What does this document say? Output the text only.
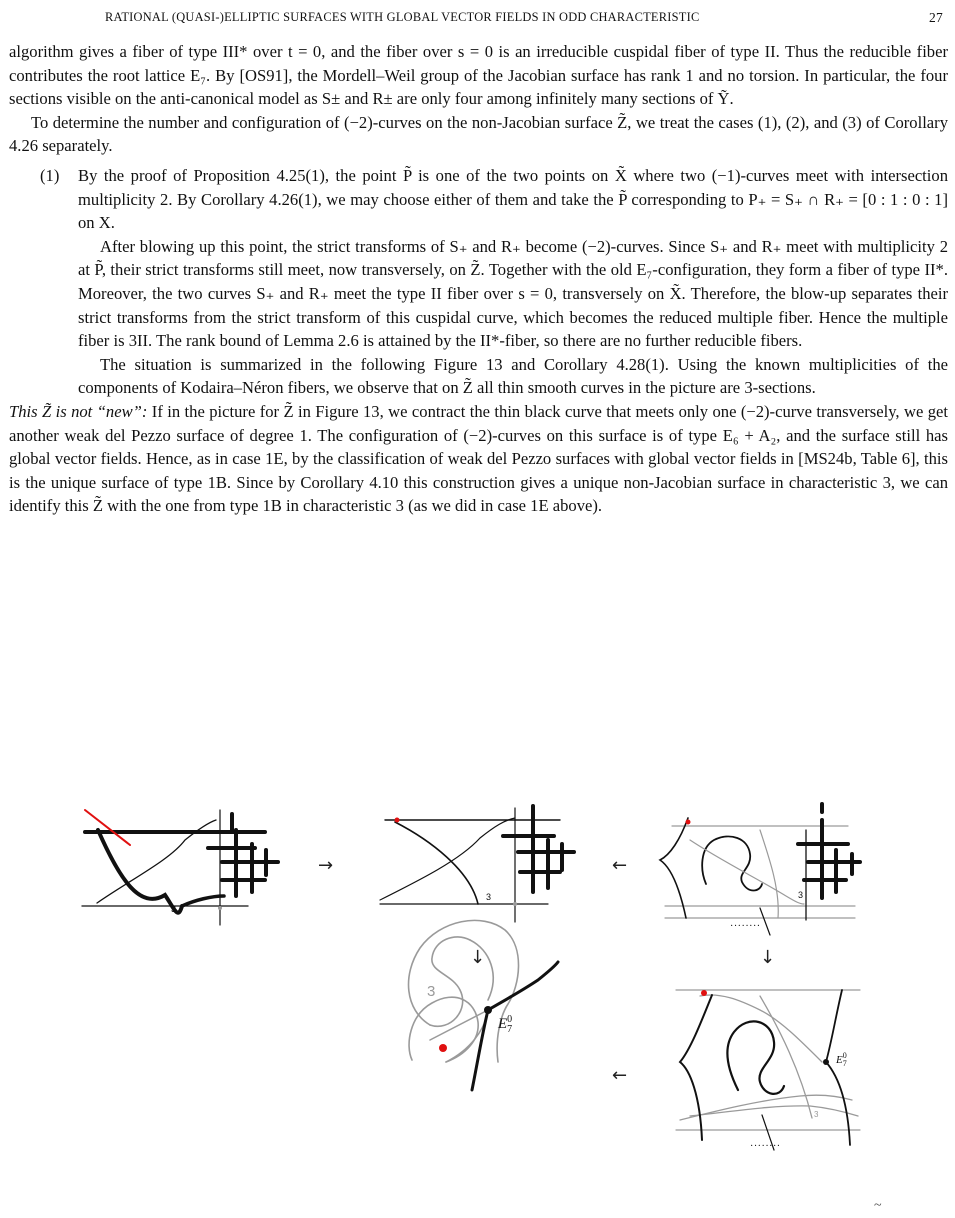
RATIONAL (QUASI-)ELLIPTIC SURFACES WITH GLOBAL VECTOR FIELDS IN ODD CHARACTERISTIC	27

algorithm gives a fiber of type III* over t = 0, and the fiber over s = 0 is an irreducible cuspidal fiber of type II. Thus the reducible fiber contributes the root lattice E₇. By [OS91], the Mordell–Weil group of the Jacobian surface has rank 1 and no torsion. In particular, the four sections visible on the anti-canonical model as S± and R± are only four among infinitely many sections of Ỹ.

To determine the number and configuration of (−2)-curves on the non-Jacobian surface Z̃, we treat the cases (1), (2), and (3) of Corollary 4.26 separately.

(1) By the proof of Proposition 4.25(1), the point P̃ is one of the two points on X̃ where two (−1)-curves meet with intersection multiplicity 2. By Corollary 4.26(1), we may choose either of them and take the P̃ corresponding to P₊ = S₊ ∩ R₊ = [0 : 1 : 0 : 1] on X.

After blowing up this point, the strict transforms of S₊ and R₊ become (−2)-curves. Since S₊ and R₊ meet with multiplicity 2 at P̃, their strict transforms still meet, now transversely, on Z̃. Together with the old E₇-configuration, they form a fiber of type II*. Moreover, the two curves S₊ and R₊ meet the type II fiber over s = 0, transversely on X̃. Therefore, the blow-up separates their strict transforms from the strict transform of this cuspidal curve, which becomes the reduced multiple fiber. Hence the multiple fiber is 3II. The rank bound of Lemma 2.6 is attained by the II*-fiber, so there are no further reducible fibers.

The situation is summarized in the following Figure 13 and Corollary 4.28(1). Using the known multiplicities of the components of Kodaira–Néron fibers, we observe that on Z̃ all thin smooth curves in the picture are 3-sections.

This Z̃ is not “new”: If in the picture for Z̃ in Figure 13, we contract the thin black curve that meets only one (−2)-curve transversely, we get another weak del Pezzo surface of degree 1. The configuration of (−2)-curves on this surface is of type E₆ + A₂, and the surface still has global vector fields. Hence, as in case 1E, by the classification of weak del Pezzo surfaces with global vector fields in [MS24b, Table 6], this is the unique surface of type 1B. Since by Corollary 4.10 this construction gives a unique non-Jacobian surface in characteristic 3, we can identify this Z̃ with the one from type 1B in characteristic 3 (as we did in case 1E above).

→	←
↓	↓
←
3
3	3
3
3
$E^0_7$
$E^0_7$
· · · · · · · ·
· · · · · · · ·
~
